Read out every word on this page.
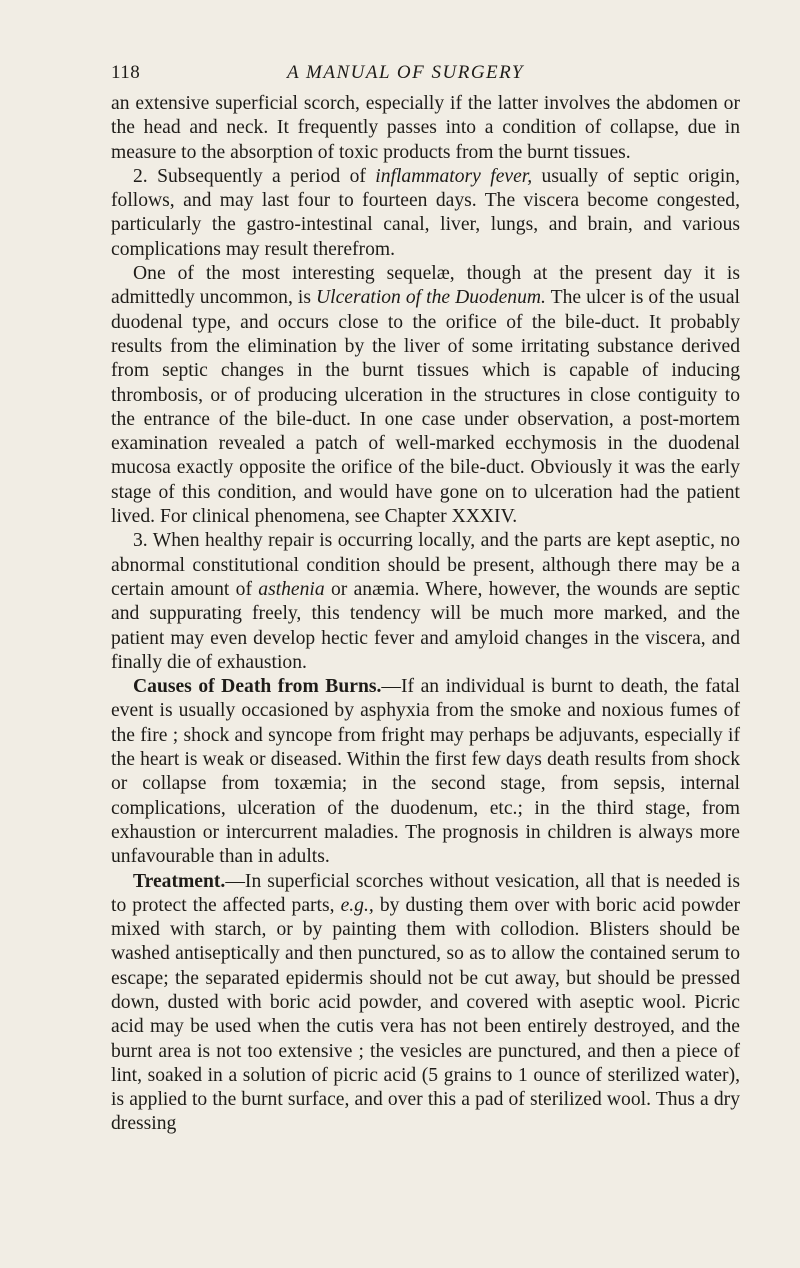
118	A MANUAL OF SURGERY

an extensive superficial scorch, especially if the latter involves the abdomen or the head and neck. It frequently passes into a condition of collapse, due in measure to the absorption of toxic products from the burnt tissues.

2. Subsequently a period of inflammatory fever, usually of septic origin, follows, and may last four to fourteen days. The viscera become congested, particularly the gastro-intestinal canal, liver, lungs, and brain, and various complications may result therefrom.

One of the most interesting sequelæ, though at the present day it is admittedly uncommon, is Ulceration of the Duodenum. The ulcer is of the usual duodenal type, and occurs close to the orifice of the bile-duct. It probably results from the elimination by the liver of some irritating substance derived from septic changes in the burnt tissues which is capable of inducing thrombosis, or of producing ulceration in the structures in close contiguity to the entrance of the bile-duct. In one case under observation, a post-mortem examination revealed a patch of well-marked ecchymosis in the duodenal mucosa exactly opposite the orifice of the bile-duct. Obviously it was the early stage of this condition, and would have gone on to ulceration had the patient lived. For clinical phenomena, see Chapter XXXIV.

3. When healthy repair is occurring locally, and the parts are kept aseptic, no abnormal constitutional condition should be present, although there may be a certain amount of asthenia or anæmia. Where, however, the wounds are septic and suppurating freely, this tendency will be much more marked, and the patient may even develop hectic fever and amyloid changes in the viscera, and finally die of exhaustion.

Causes of Death from Burns.—If an individual is burnt to death, the fatal event is usually occasioned by asphyxia from the smoke and noxious fumes of the fire ; shock and syncope from fright may perhaps be adjuvants, especially if the heart is weak or diseased. Within the first few days death results from shock or collapse from toxæmia; in the second stage, from sepsis, internal complications, ulceration of the duodenum, etc.; in the third stage, from exhaustion or intercurrent maladies. The prognosis in children is always more unfavourable than in adults.

Treatment.—In superficial scorches without vesication, all that is needed is to protect the affected parts, e.g., by dusting them over with boric acid powder mixed with starch, or by painting them with collodion. Blisters should be washed antiseptically and then punctured, so as to allow the contained serum to escape; the separated epidermis should not be cut away, but should be pressed down, dusted with boric acid powder, and covered with aseptic wool. Picric acid may be used when the cutis vera has not been entirely destroyed, and the burnt area is not too extensive ; the vesicles are punctured, and then a piece of lint, soaked in a solution of picric acid (5 grains to 1 ounce of sterilized water), is applied to the burnt surface, and over this a pad of sterilized wool. Thus a dry dressing
